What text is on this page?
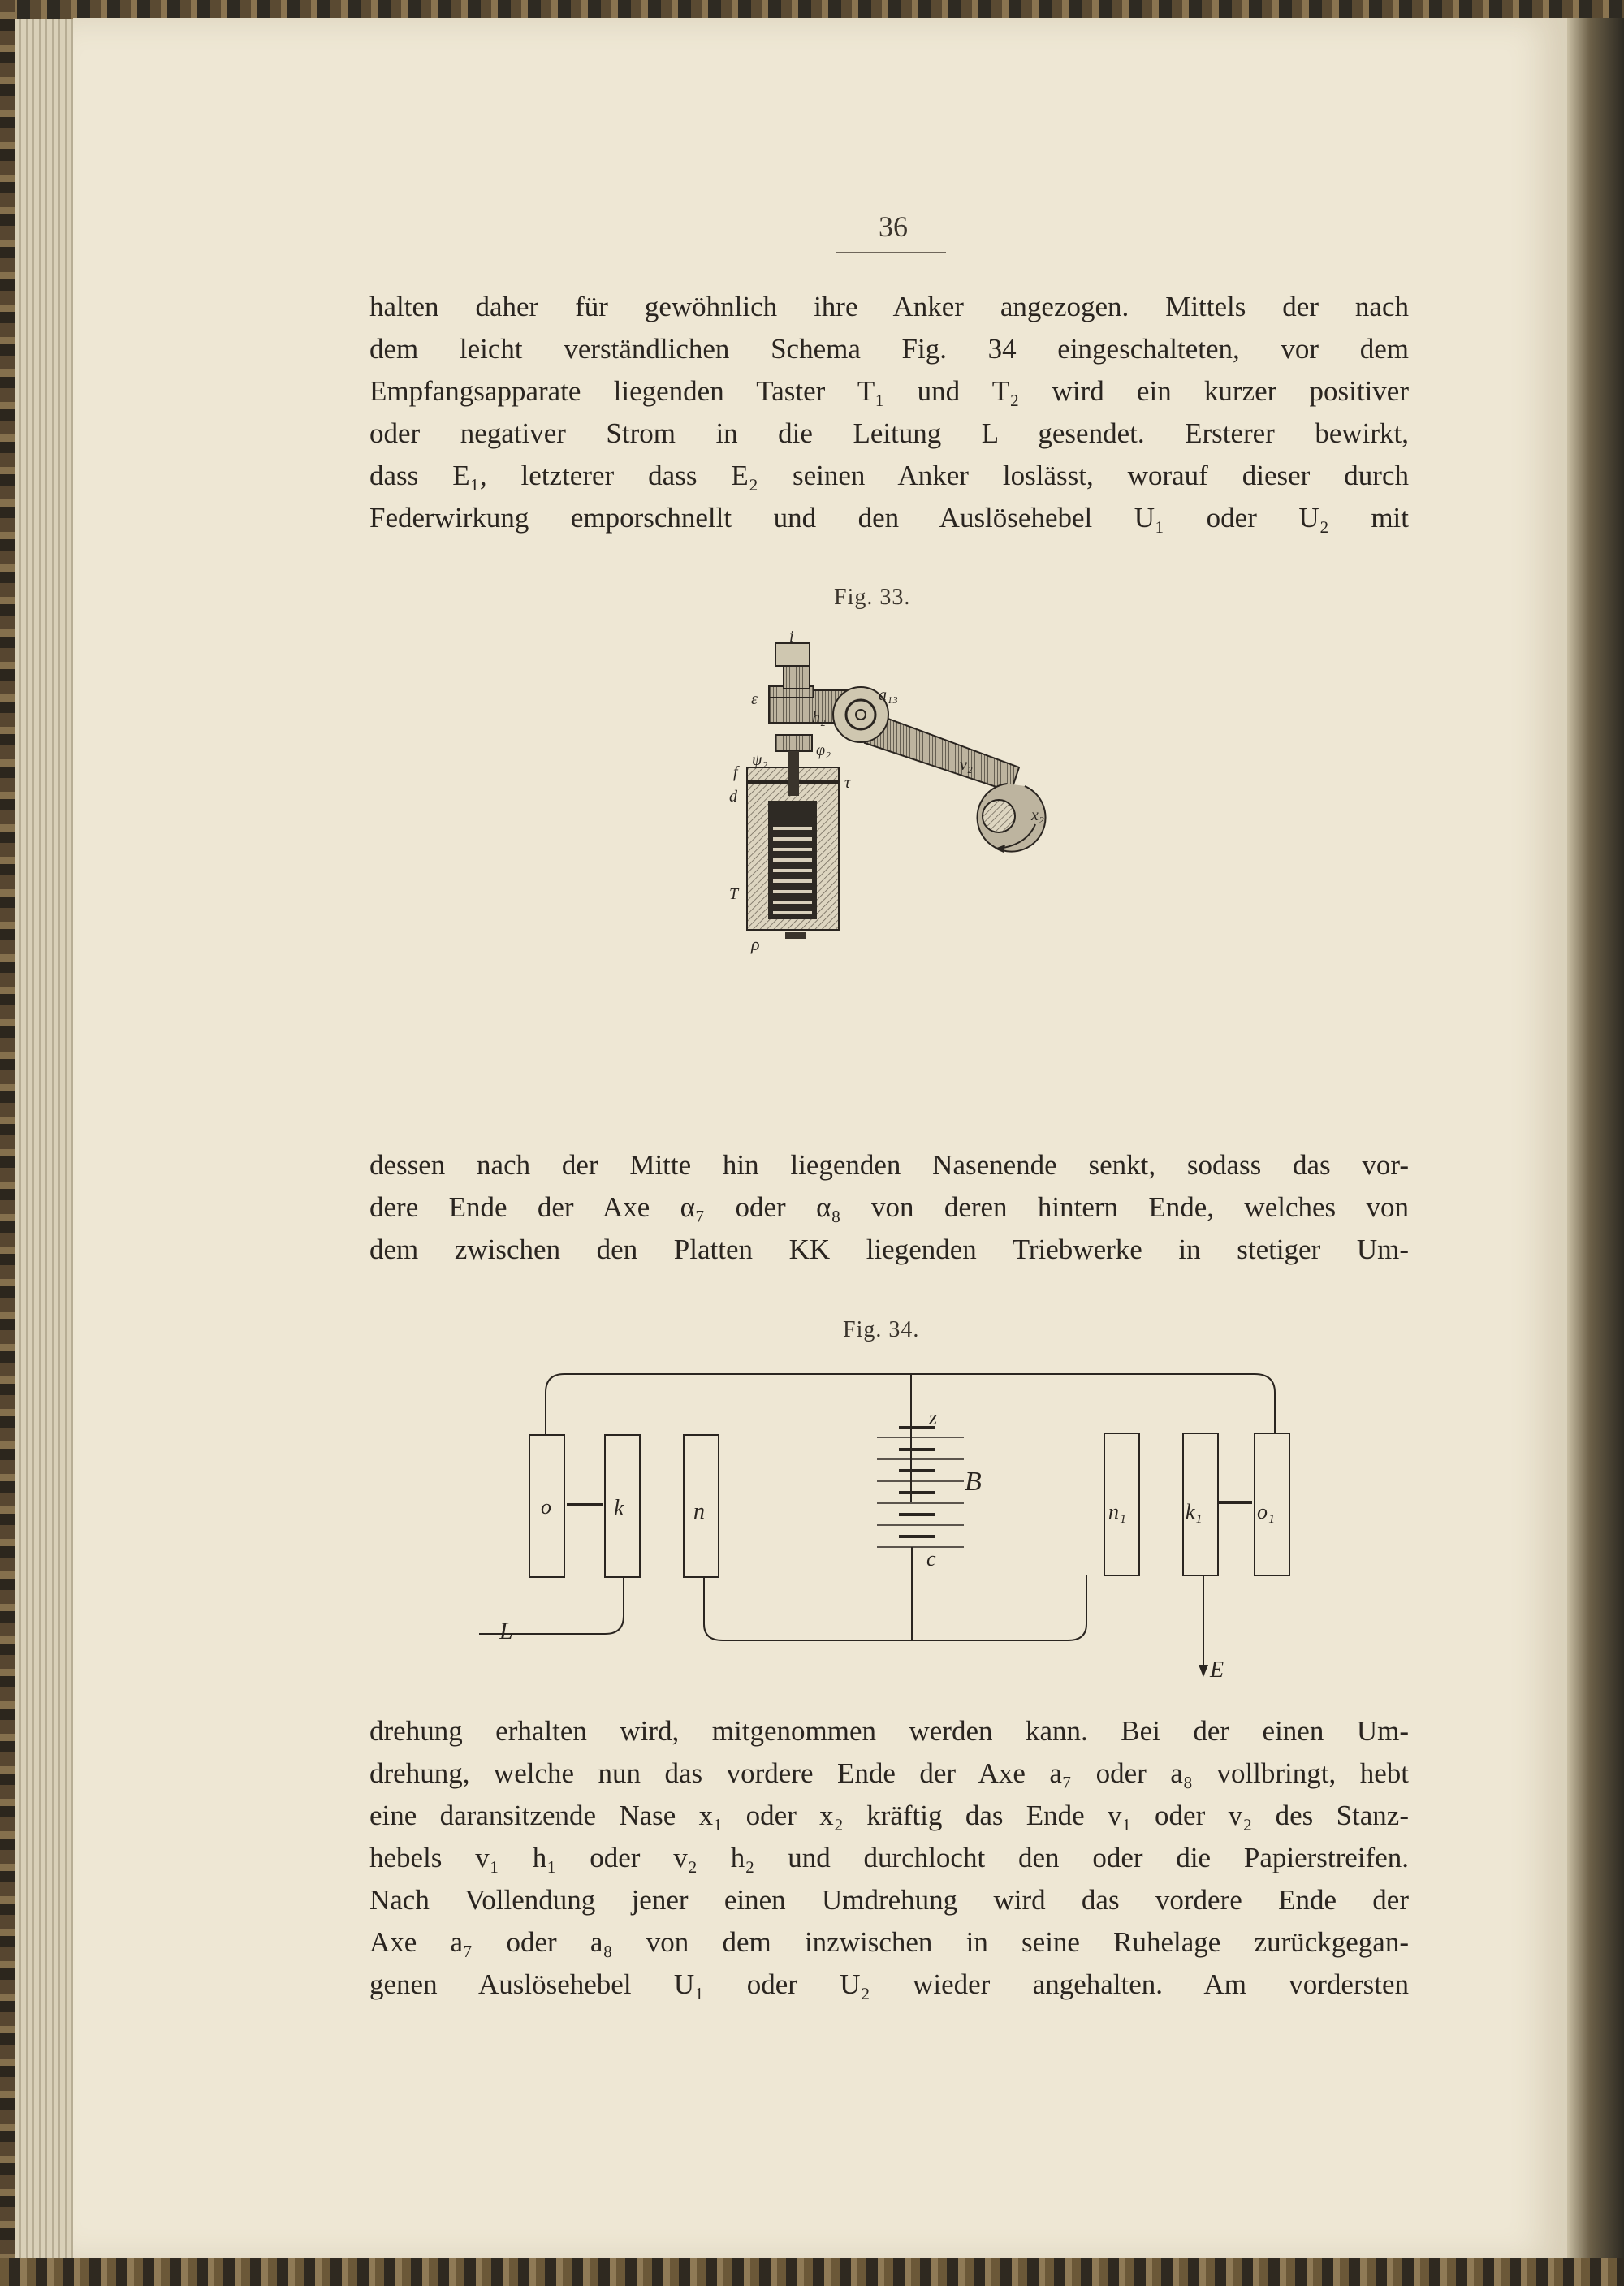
36
halten daher für gewöhnlich ihre Anker angezogen. Mittels der nach
dem leicht verständlichen Schema Fig. 34 eingeschalteten, vor dem
Empfangsapparate liegenden Taster T₁ und T₂ wird ein kurzer positiver
oder negativer Strom in die Leitung L gesendet. Ersterer bewirkt,
dass E₁, letzterer dass E₂ seinen Anker loslässt, worauf dieser durch
Federwirkung emporschnellt und den Auslösehebel U₁ oder U₂ mit
Fig. 33.
i
ε	a₁₃
h₂
φ₂
ψ₂
f
τ
d
v₂
x₂
T
ρ
dessen nach der Mitte hin liegenden Nasenende senkt, sodass das vor-
dere Ende der Axe α₇ oder α₈ von deren hintern Ende, welches von
dem zwischen den Platten KK liegenden Triebwerke in stetiger Um-
Fig. 34.
o	k	n
z
B
c
n₁	k₁	o₁
L
E
drehung erhalten wird, mitgenommen werden kann. Bei der einen Um-
drehung, welche nun das vordere Ende der Axe a₇ oder a₈ vollbringt, hebt
eine daransitzende Nase x₁ oder x₂ kräftig das Ende v₁ oder v₂ des Stanz-
hebels v₁ h₁ oder v₂ h₂ und durchlocht den oder die Papierstreifen.
Nach Vollendung jener einen Umdrehung wird das vordere Ende der
Axe a₇ oder a₈ von dem inzwischen in seine Ruhelage zurückgegan-
genen Auslösehebel U₁ oder U₂ wieder angehalten. Am vordersten
